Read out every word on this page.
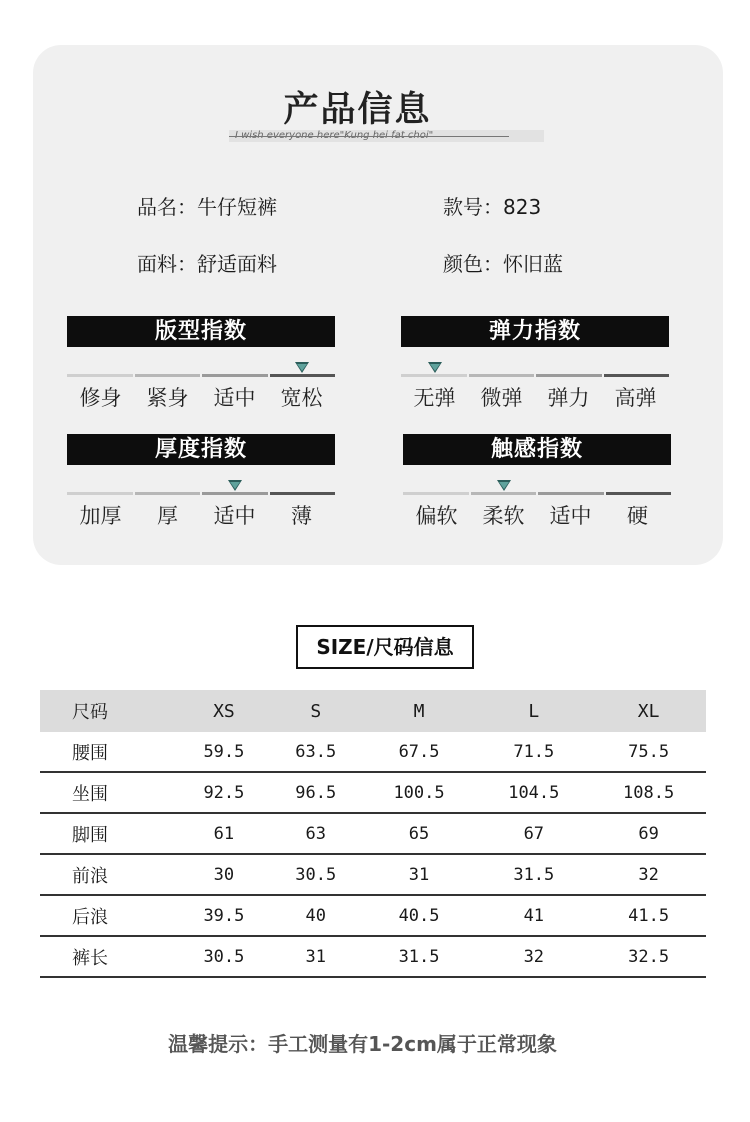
产品信息
品名：牛仔短裤	款号：823
面料：舒适面料	颜色：怀旧蓝
版型指数
修身	紧身	适中	宽松
弹力指数
无弹	微弹	弹力	高弹
厚度指数
加厚	厚	适中	薄
触感指数
偏软	柔软	适中	硬
SIZE/尺码信息
尺码	XS	S	M	L	XL
腰围	59.5	63.5	67.5	71.5	75.5
坐围	92.5	96.5	100.5	104.5	108.5
脚围	61	63	65	67	69
前浪	30	30.5	31	31.5	32
后浪	39.5	40	40.5	41	41.5
裤长	30.5	31	31.5	32	32.5
温馨提示：手工测量有1-2cm属于正常现象
